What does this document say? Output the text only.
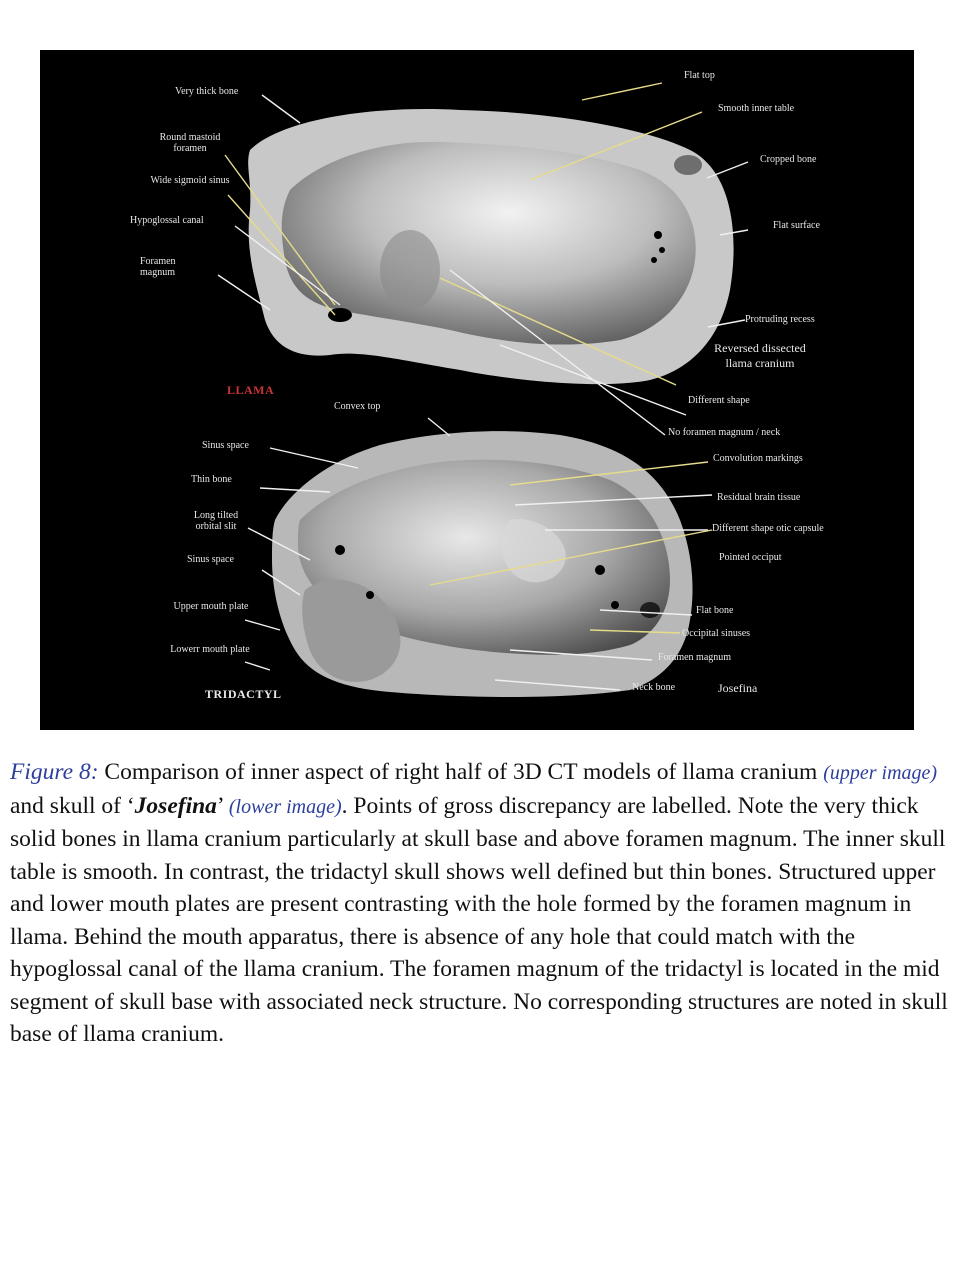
Very thick bone
Round mastoid foramen
Wide sigmoid sinus
Hypoglossal canal
Foramen magnum
Flat top
Smooth inner table
Cropped bone
Flat surface
Protruding recess
Reversed dissected llama cranium
LLAMA
Different shape
No foramen magnum / neck
Convex top
Sinus space
Convolution markings
Thin bone
Residual brain tissue
Long tilted orbital slit	Different shape otic capsule
Sinus space	Pointed occiput
Upper mouth plate	Flat bone
Occipital sinuses
Lowerr mouth plate
Foramen magnum
Neck bone	Josefina
TRIDACTYL
Figure 8: Comparison of inner aspect of right half of 3D CT models of llama cranium (upper image) and skull of ‘Josefina’ (lower image). Points of gross discrepancy are labelled. Note the very thick solid bones in llama cranium particularly at skull base and above foramen magnum. The inner skull table is smooth. In contrast, the tridactyl skull shows well defined but thin bones. Structured upper and lower mouth plates are present contrasting with the hole formed by the foramen magnum in llama. Behind the mouth apparatus, there is absence of any hole that could match with the hypoglossal canal of the llama cranium. The foramen magnum of the tridactyl is located in the mid segment of skull base with associated neck structure. No corresponding structures are noted in skull base of llama cranium.
